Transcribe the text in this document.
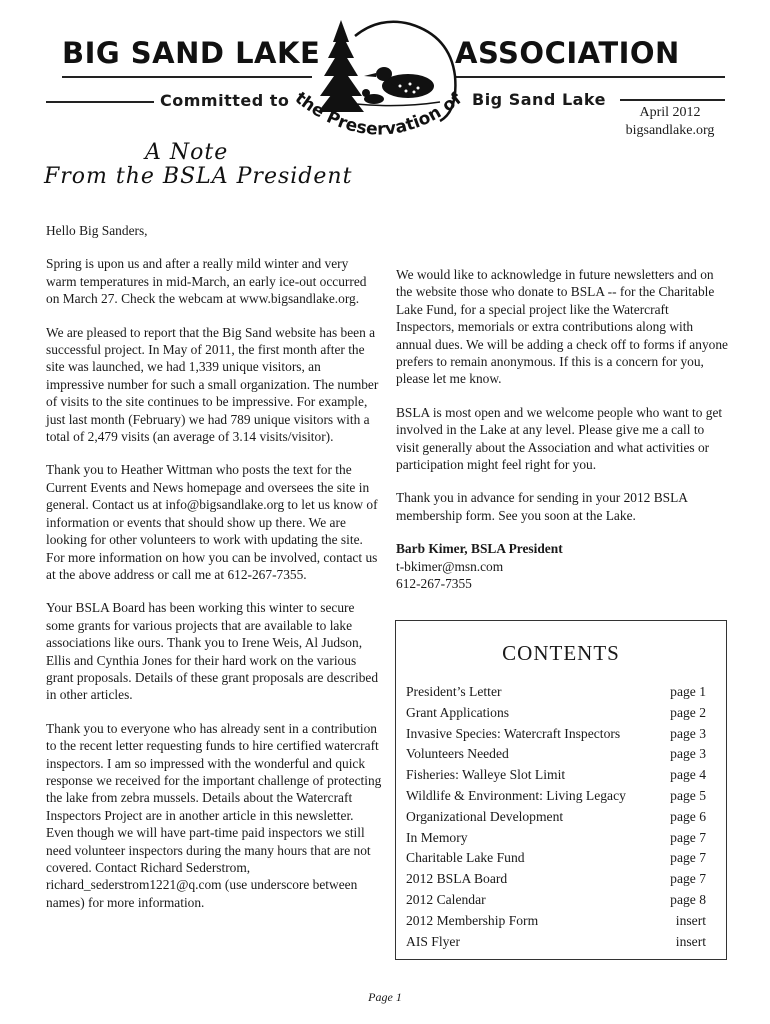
BIG SAND LAKE	ASSOCIATION
Committed to the Preservation of Big Sand Lake
April 2012
bigsandlake.org
A Note
From the BSLA President

Hello Big Sanders,

Spring is upon us and after a really mild winter and very warm temperatures in mid-March, an early ice-out occurred on March 27. Check the webcam at www.bigsandlake.org.

We are pleased to report that the Big Sand website has been a successful project. In May of 2011, the first month after the site was launched, we had 1,339 unique visitors, an impressive number for such a small organization. The number of visits to the site continues to be impressive. For example, just last month (February) we had 789 unique visitors with a total of 2,479 visits (an average of 3.14 visits/visitor).

Thank you to Heather Wittman who posts the text for the Current Events and News homepage and oversees the site in general. Contact us at info@bigsandlake.org to let us know of information or events that should show up there. We are looking for other volunteers to work with updating the site. For more information on how you can be involved, contact us at the above address or call me at 612-267-7355.

Your BSLA Board has been working this winter to secure some grants for various projects that are available to lake associations like ours. Thank you to Irene Weis, Al Judson, Ellis and Cynthia Jones for their hard work on the various grant proposals. Details of these grant proposals are described in other articles.

Thank you to everyone who has already sent in a contribution to the recent letter requesting funds to hire certified watercraft inspectors. I am so impressed with the wonderful and quick response we received for the important challenge of protecting the lake from zebra mussels. Details about the Watercraft Inspectors Project are in another article in this newsletter. Even though we will have part-time paid inspectors we still need volunteer inspectors during the many hours that are not covered. Contact Richard Sederstrom, richard_sederstrom1221@q.com (use underscore between names) for more information.

We would like to acknowledge in future newsletters and on the website those who donate to BSLA -- for the Charitable Lake Fund, for a special project like the Watercraft Inspectors, memorials or extra contributions along with annual dues. We will be adding a check off to forms if anyone prefers to remain anonymous. If this is a concern for you, please let me know.

BSLA is most open and we welcome people who want to get involved in the Lake at any level. Please give me a call to visit generally about the Association and what activities or participation might feel right for you.

Thank you in advance for sending in your 2012 BSLA membership form. See you soon at the Lake.

Barb Kimer, BSLA President
t-bkimer@msn.com
612-267-7355
CONTENTS
President’s Letter	page 1
Grant Applications	page 2
Invasive Species: Watercraft Inspectors	page 3
Volunteers Needed	page 3
Fisheries: Walleye Slot Limit	page 4
Wildlife & Environment: Living Legacy	page 5
Organizational Development	page 6
In Memory	page 7
Charitable Lake Fund	page 7
2012 BSLA Board	page 7
2012 Calendar	page 8
2012 Membership Form	insert
AIS Flyer	insert
Page 1
